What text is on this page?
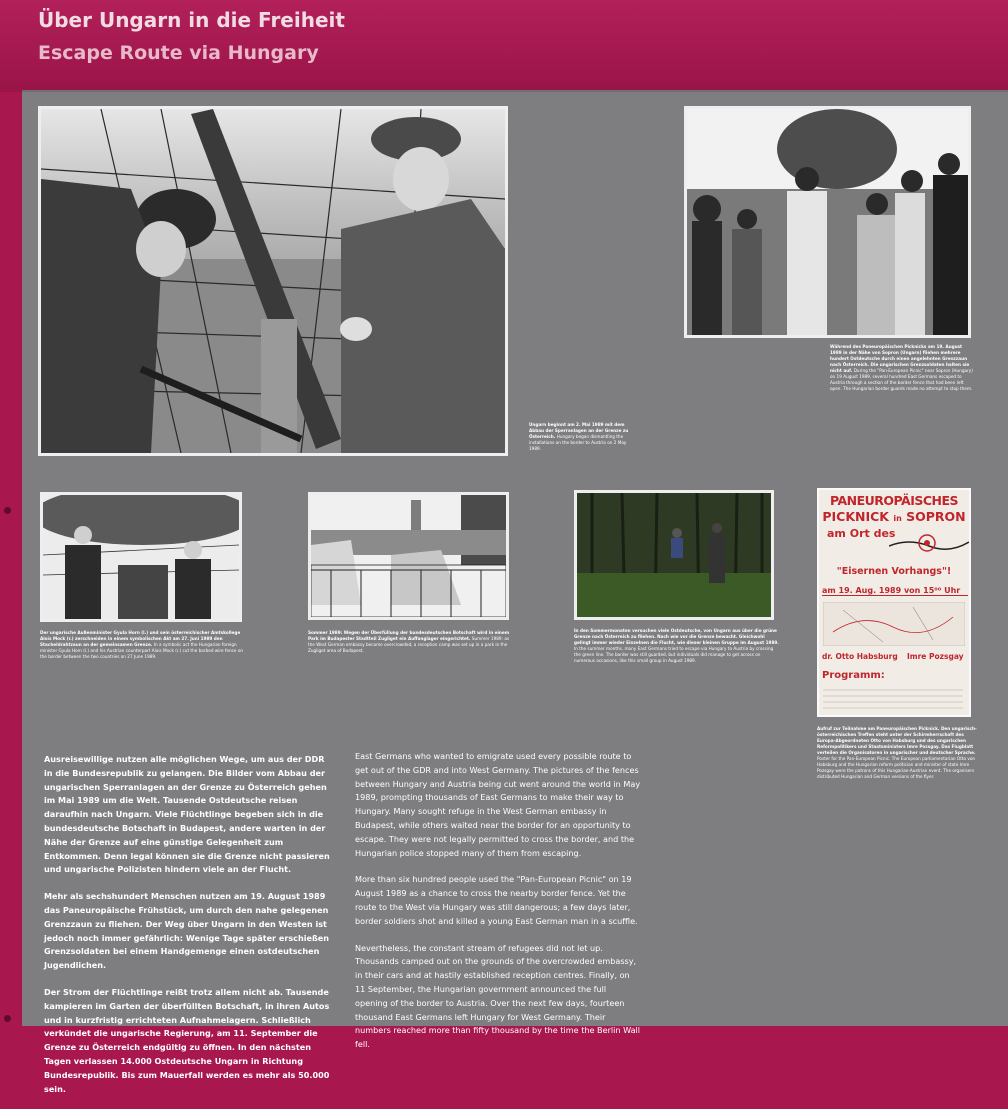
Über Ungarn in die Freiheit
Escape Route via Hungary
Ungarn beginnt am 2. Mai 1989 mit dem Abbau der Sperranlagen an der Grenze zu Österreich. Hungary began dismantling the installations on the border to Austria on 2 May 1989.
Während des Paneuropäischen Picknicks am 19. August 1989 in der Nähe von Sopron (Ungarn) fliehen mehrere hundert Ostdeutsche durch einen angelehnten Grenzzaun nach Österreich. Die ungarischen Grenzsoldaten halten sie nicht auf. During the "Pan-European Picnic" near Sopron (Hungary) on 19 August 1989, several hundred East Germans escaped to Austria through a section of the border fence that had been left open. The Hungarian border guards made no attempt to stop them.
Der ungarische Außenminister Gyula Horn (l.) und sein österreichischer Amtskollege Alois Mock (r.) zerschneiden in einem symbolischen Akt am 27. Juni 1989 den Stacheldrahtzaun an der gemeinsamen Grenze. In a symbolic act the Hungarian foreign minister Gyula Horn (l.) and his Austrian counterpart Alois Mock (r.) cut the barbed wire fence on the border between the two countries on 27 June 1989.
Sommer 1989: Wegen der Überfüllung der bundesdeutschen Botschaft wird in einem Park im Budapester Stadtteil Zugliget ein Auffanglager eingerichtet. Summer 1989: as the West German embassy became overcrowded, a reception camp was set up in a park in the Zugliget area of Budapest.
In den Sommermonaten versuchen viele Ostdeutsche, von Ungarn aus über die grüne Grenze nach Österreich zu fliehen. Nach wie vor die Grenze bewacht. Gleichwohl gelingt immer wieder Einzelnen die Flucht, wie dieser kleinen Gruppe im August 1989. In the summer months, many East Germans tried to escape via Hungary to Austria by crossing the green line. The border was still guarded, but individuals did manage to get across on numerous occasions, like this small group in August 1989.
PANEUROPÄISCHES
PICKNICK in SOPRON
am Ort des
"Eisernen Vorhangs"!
am 19. Aug. 1989 von 15⁰⁰ Uhr
dr. Otto Habsburg Imre Pozsgay
Programm:
Aufruf zur Teilnahme am Paneuropäischen Picknick. Den ungarisch-österreichischen Treffen steht unter der Schirmherrschaft des Europa-Abgeordneten Otto von Habsburg und des ungarischen Reformpolitikers und Staatsministers Imre Pozsgay. Das Flugblatt verteilen die Organisatoren in ungarischer und deutscher Sprache. Poster for the Pan-European Picnic. The European parliamentarian Otto von Habsburg and the Hungarian reform politician and minister of state Imre Pozsgay were the patrons of this Hungarian-Austrian event. The organisers distributed Hungarian and German versions of the flyer.

Ausreisewillige nutzen alle möglichen Wege, um aus der DDR in die Bundesrepublik zu gelangen. Die Bilder vom Abbau der ungarischen Sperranlagen an der Grenze zu Österreich gehen im Mai 1989 um die Welt. Tausende Ostdeutsche reisen daraufhin nach Ungarn. Viele Flüchtlinge begeben sich in die bundesdeutsche Botschaft in Budapest, andere warten in der Nähe der Grenze auf eine günstige Gelegenheit zum Entkommen. Denn legal können sie die Grenze nicht passieren und ungarische Polizisten hindern viele an der Flucht.

Mehr als sechshundert Menschen nutzen am 19. August 1989 das Paneuropäische Frühstück, um durch den nahe gelegenen Grenzzaun zu fliehen. Der Weg über Ungarn in den Westen ist jedoch noch immer gefährlich: Wenige Tage später erschießen Grenzsoldaten bei einem Handgemenge einen ostdeutschen Jugendlichen.

Der Strom der Flüchtlinge reißt trotz allem nicht ab. Tausende kampieren im Garten der überfüllten Botschaft, in ihren Autos und in kurzfristig errichteten Aufnahmelagern. Schließlich verkündet die ungarische Regierung, am 11. September die Grenze zu Österreich endgültig zu öffnen. In den nächsten Tagen verlassen 14.000 Ostdeutsche Ungarn in Richtung Bundesrepublik. Bis zum Mauerfall werden es mehr als 50.000 sein.

East Germans who wanted to emigrate used every possible route to get out of the GDR and into West Germany. The pictures of the fences between Hungary and Austria being cut went around the world in May 1989, prompting thousands of East Germans to make their way to Hungary. Many sought refuge in the West German embassy in Budapest, while others waited near the border for an opportunity to escape. They were not legally permitted to cross the border, and the Hungarian police stopped many of them from escaping.

More than six hundred people used the "Pan-European Picnic" on 19 August 1989 as a chance to cross the nearby border fence. Yet the route to the West via Hungary was still dangerous; a few days later, border soldiers shot and killed a young East German man in a scuffle.

Nevertheless, the constant stream of refugees did not let up. Thousands camped out on the grounds of the overcrowded embassy, in their cars and at hastily established reception centres. Finally, on 11 September, the Hungarian government announced the full opening of the border to Austria. Over the next few days, fourteen thousand East Germans left Hungary for West Germany. Their numbers reached more than fifty thousand by the time the Berlin Wall fell.
